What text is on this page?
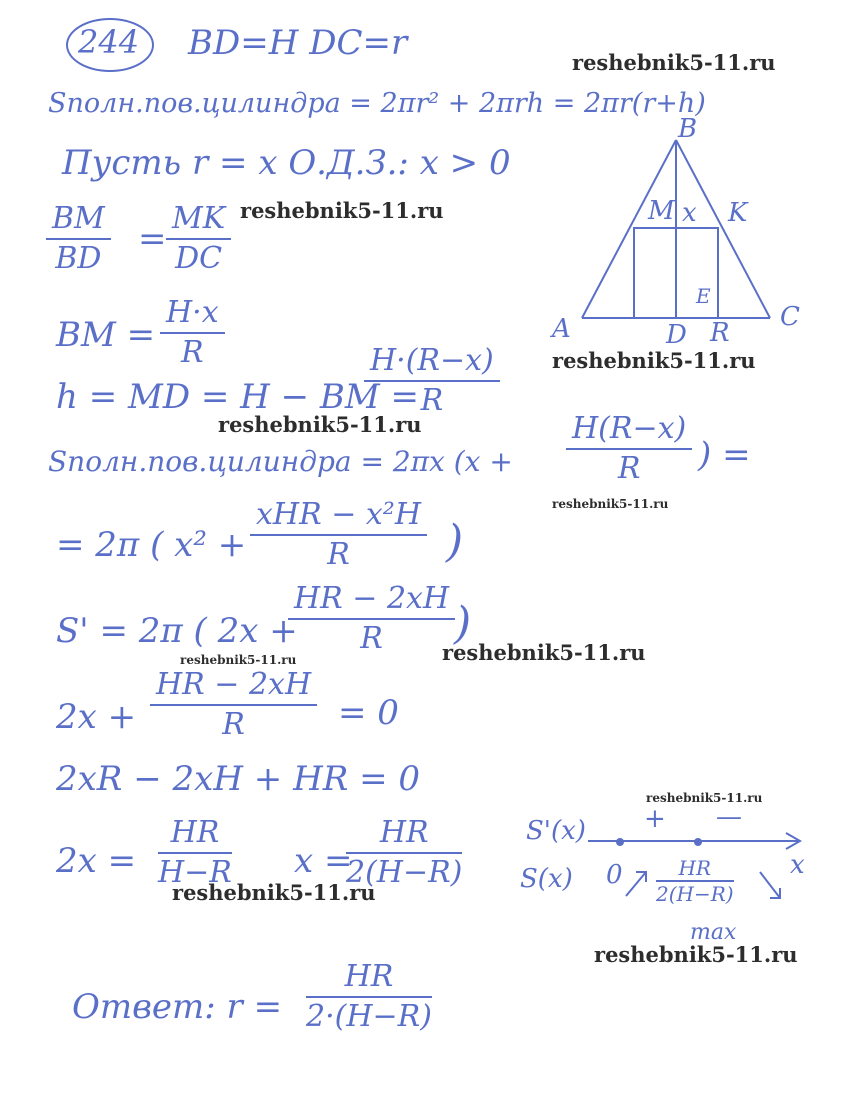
244 BD=H DC=r
Sполн.пов.цилиндра = 2πr² + 2πrh = 2πr(r+h)
Пусть r = x О.Д.З.: x > 0
$\frac{BM}{BD} = \frac{MK}{DC}$
BM = $\frac{H\cdot x}{R}$
h = MD = H − BM =
$\frac{H\cdot(R-x)}{R}$
Sполн.пов.цилиндра = 2πx ($x + \frac{H(R-x)}{R}$ ) =
= 2π ( x² +
xHR − x²H
R	)
S' = 2π ( 2x +
$\frac{HR - 2xH}{R}$
)
$2x + \frac{HR - 2xH}{R} = 0$
2xR − 2xH + HR = 0
$2x = \frac{HR}{H-R}$ x =
$\frac{HR}{2(H-R)}$
Ответ: $r = \frac{HR}{2\cdot(H-R)}$
B
M x K
E
A	D R
C
S'(x)
S(x) 0
+ —
x
$\frac{HR}{2(H-R)}$
max
reshebnik5-11.ru
reshebnik5-11.ru
reshebnik5-11.ru
reshebnik5-11.ru
reshebnik5-11.ru
reshebnik5-11.ru	reshebnik5-11.ru
reshebnik5-11.ru
reshebnik5-11.ru
reshebnik5-11.ru
